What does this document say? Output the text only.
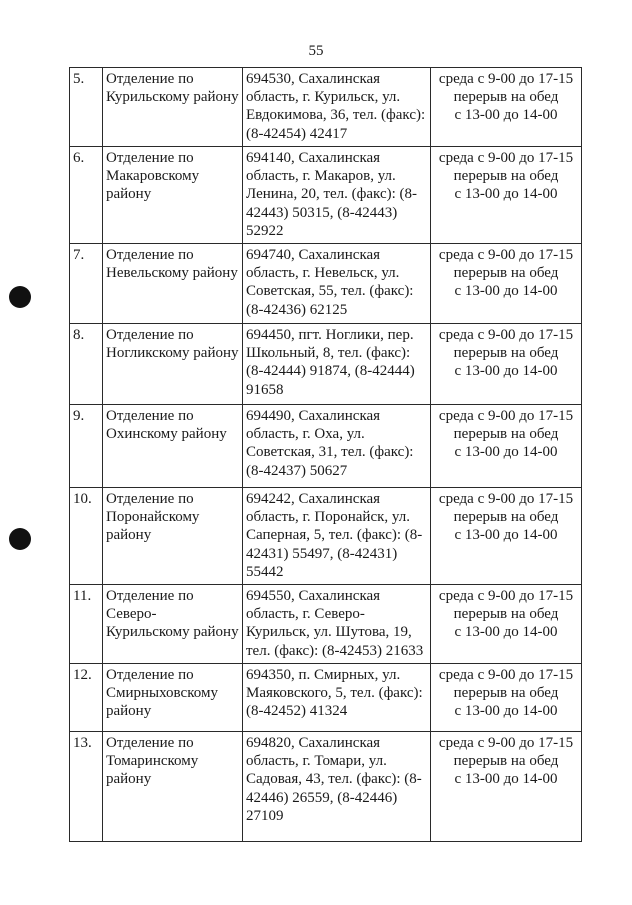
55
5.	Отделение по Курильскому району	694530, Сахалинская область, г. Курильск, ул. Евдокимова, 36, тел. (факс): (8-42454) 42417	среда с 9-00 до 17-15
перерыв на обед
с 13-00 до 14-00

6.	Отделение по Макаровскому району	694140, Сахалинская область, г. Макаров, ул. Ленина, 20, тел. (факс): (8-42443) 50315, (8-42443) 52922	среда с 9-00 до 17-15
перерыв на обед
с 13-00 до 14-00

7.	Отделение по Невельскому району	694740, Сахалинская область, г. Невельск, ул. Советская, 55, тел. (факс): (8-42436) 62125	среда с 9-00 до 17-15
перерыв на обед
с 13-00 до 14-00

8.	Отделение по Ногликскому району	694450, пгт. Ноглики, пер. Школьный, 8, тел. (факс): (8-42444) 91874, (8-42444) 91658	среда с 9-00 до 17-15
перерыв на обед
с 13-00 до 14-00

9.	Отделение по Охинскому району	694490, Сахалинская область, г. Оха, ул. Советская, 31, тел. (факс): (8-42437) 50627	среда с 9-00 до 17-15
перерыв на обед
с 13-00 до 14-00

10.	Отделение по Поронайскому району	694242, Сахалинская область, г. Поронайск, ул. Саперная, 5, тел. (факс): (8-42431) 55497, (8-42431) 55442	среда с 9-00 до 17-15
перерыв на обед
с 13-00 до 14-00

11.	Отделение по Северо-Курильскому району	694550, Сахалинская область, г. Северо-Курильск, ул. Шутова, 19, тел. (факс): (8-42453) 21633	среда с 9-00 до 17-15
перерыв на обед
с 13-00 до 14-00

12.	Отделение по Смирныховскому району	694350, п. Смирных, ул. Маяковского, 5, тел. (факс): (8-42452) 41324	среда с 9-00 до 17-15
перерыв на обед
с 13-00 до 14-00

13.	Отделение по Томаринскому району	694820, Сахалинская область, г. Томари, ул. Садовая, 43, тел. (факс): (8-42446) 26559, (8-42446) 27109	среда с 9-00 до 17-15
перерыв на обед
с 13-00 до 14-00
